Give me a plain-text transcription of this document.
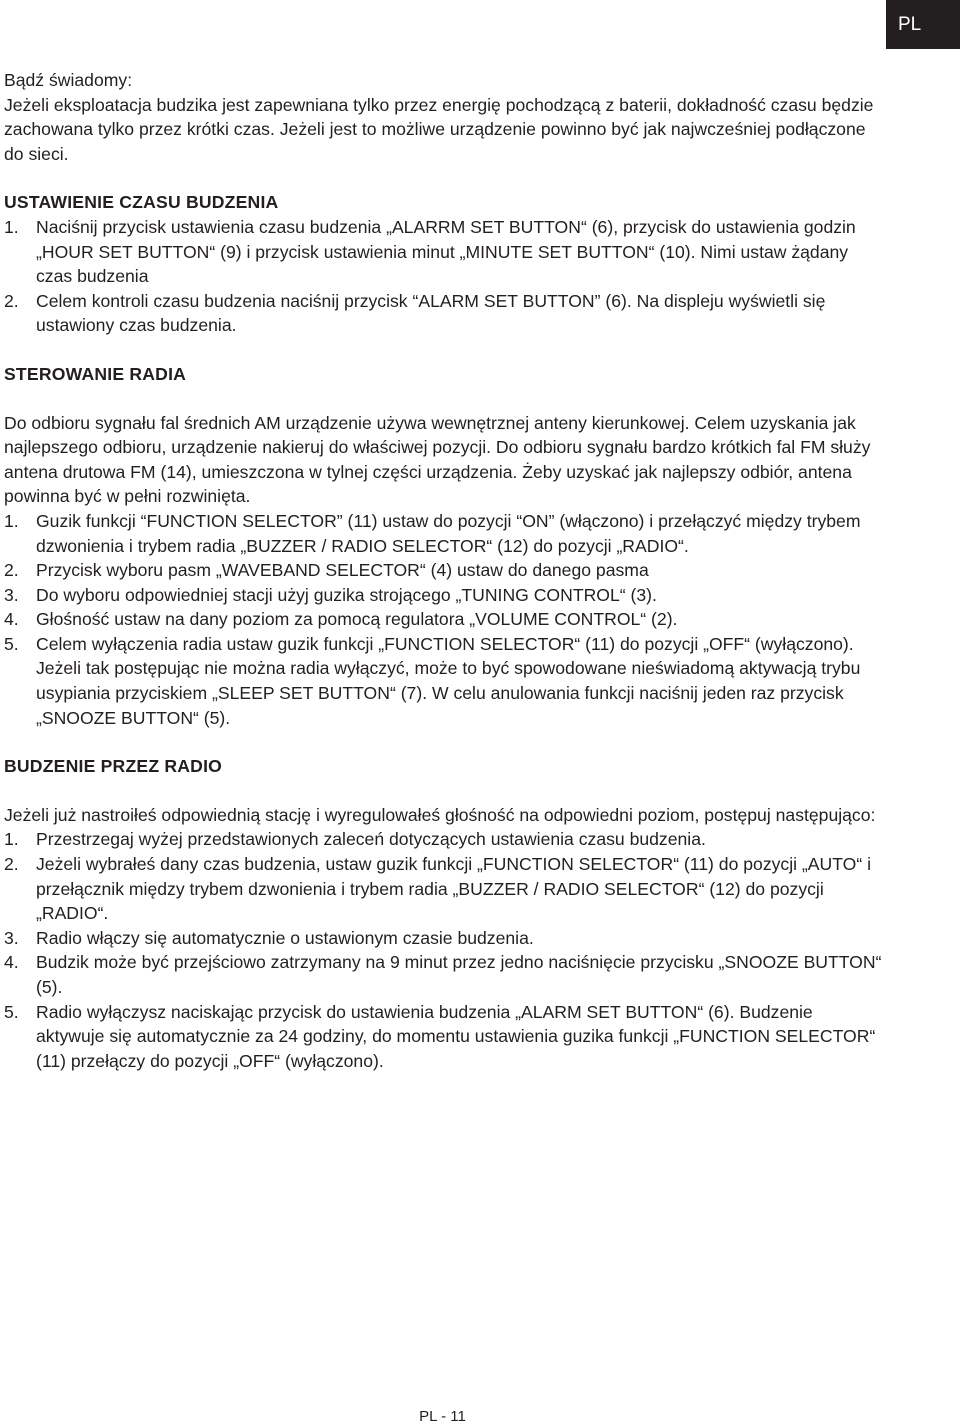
PL

Bądź świadomy:

Jeżeli eksploatacja budzika jest zapewniana tylko przez energię pochodzącą z baterii, dokładność czasu będzie zachowana tylko przez krótki czas. Jeżeli jest to możliwe urządzenie powinno być jak najwcześniej podłączone do sieci.

USTAWIENIE CZASU BUDZENIA

1. Naciśnij przycisk ustawienia czasu budzenia „ALARRM SET BUTTON“ (6), przycisk do ustawienia godzin „HOUR SET BUTTON“ (9) i przycisk ustawienia minut „MINUTE SET BUTTON“ (10). Nimi ustaw żądany czas budzenia
2. Celem kontroli czasu budzenia naciśnij przycisk “ALARM SET BUTTON” (6). Na displeju wyświetli się ustawiony czas budzenia.

STEROWANIE RADIA

Do odbioru sygnału fal średnich AM urządzenie używa wewnętrznej anteny kierunkowej. Celem uzyskania jak najlepszego odbioru, urządzenie nakieruj do właściwej pozycji. Do odbioru sygnału bardzo krótkich fal FM służy antena drutowa FM (14), umieszczona w tylnej części urządzenia. Żeby uzyskać jak najlepszy odbiór, antena powinna być w pełni rozwinięta.

1. Guzik funkcji “FUNCTION SELECTOR” (11) ustaw do pozycji “ON” (włączono) i przełączyć między trybem dzwonienia i trybem radia „BUZZER / RADIO SELECTOR“ (12) do pozycji „RADIO“.
2. Przycisk wyboru pasm „WAVEBAND SELECTOR“ (4) ustaw do danego pasma
3. Do wyboru odpowiedniej stacji użyj guzika strojącego „TUNING CONTROL“ (3).
4. Głośność ustaw na dany poziom za pomocą regulatora „VOLUME CONTROL“ (2).
5. Celem wyłączenia radia ustaw guzik funkcji „FUNCTION SELECTOR“ (11) do pozycji „OFF“ (wyłączono). Jeżeli tak postępując nie można radia wyłączyć, może to być spowodowane nieświadomą aktywacją trybu usypiania przyciskiem „SLEEP SET BUTTON“ (7). W celu anulowania funkcji naciśnij jeden raz przycisk „SNOOZE BUTTON“ (5).

BUDZENIE PRZEZ RADIO

Jeżeli już nastroiłeś odpowiednią stację i wyregulowałeś głośność na odpowiedni poziom, postępuj następująco:

1. Przestrzegaj wyżej przedstawionych zaleceń dotyczących ustawienia czasu budzenia.
2. Jeżeli wybrałeś dany czas budzenia, ustaw guzik funkcji „FUNCTION SELECTOR“ (11) do pozycji „AUTO“ i przełącznik między trybem dzwonienia i trybem radia „BUZZER / RADIO SELECTOR“ (12) do pozycji „RADIO“.
3. Radio włączy się automatycznie o ustawionym czasie budzenia.
4. Budzik może być przejściowo zatrzymany na 9 minut przez jedno naciśnięcie przycisku „SNOOZE BUTTON“ (5).
5. Radio wyłączysz naciskając przycisk do ustawienia budzenia „ALARM SET BUTTON“ (6). Budzenie aktywuje się automatycznie za 24 godziny, do momentu ustawienia guzika funkcji „FUNCTION SELECTOR“ (11) przełączy do pozycji „OFF“ (wyłączono).
PL - 11
